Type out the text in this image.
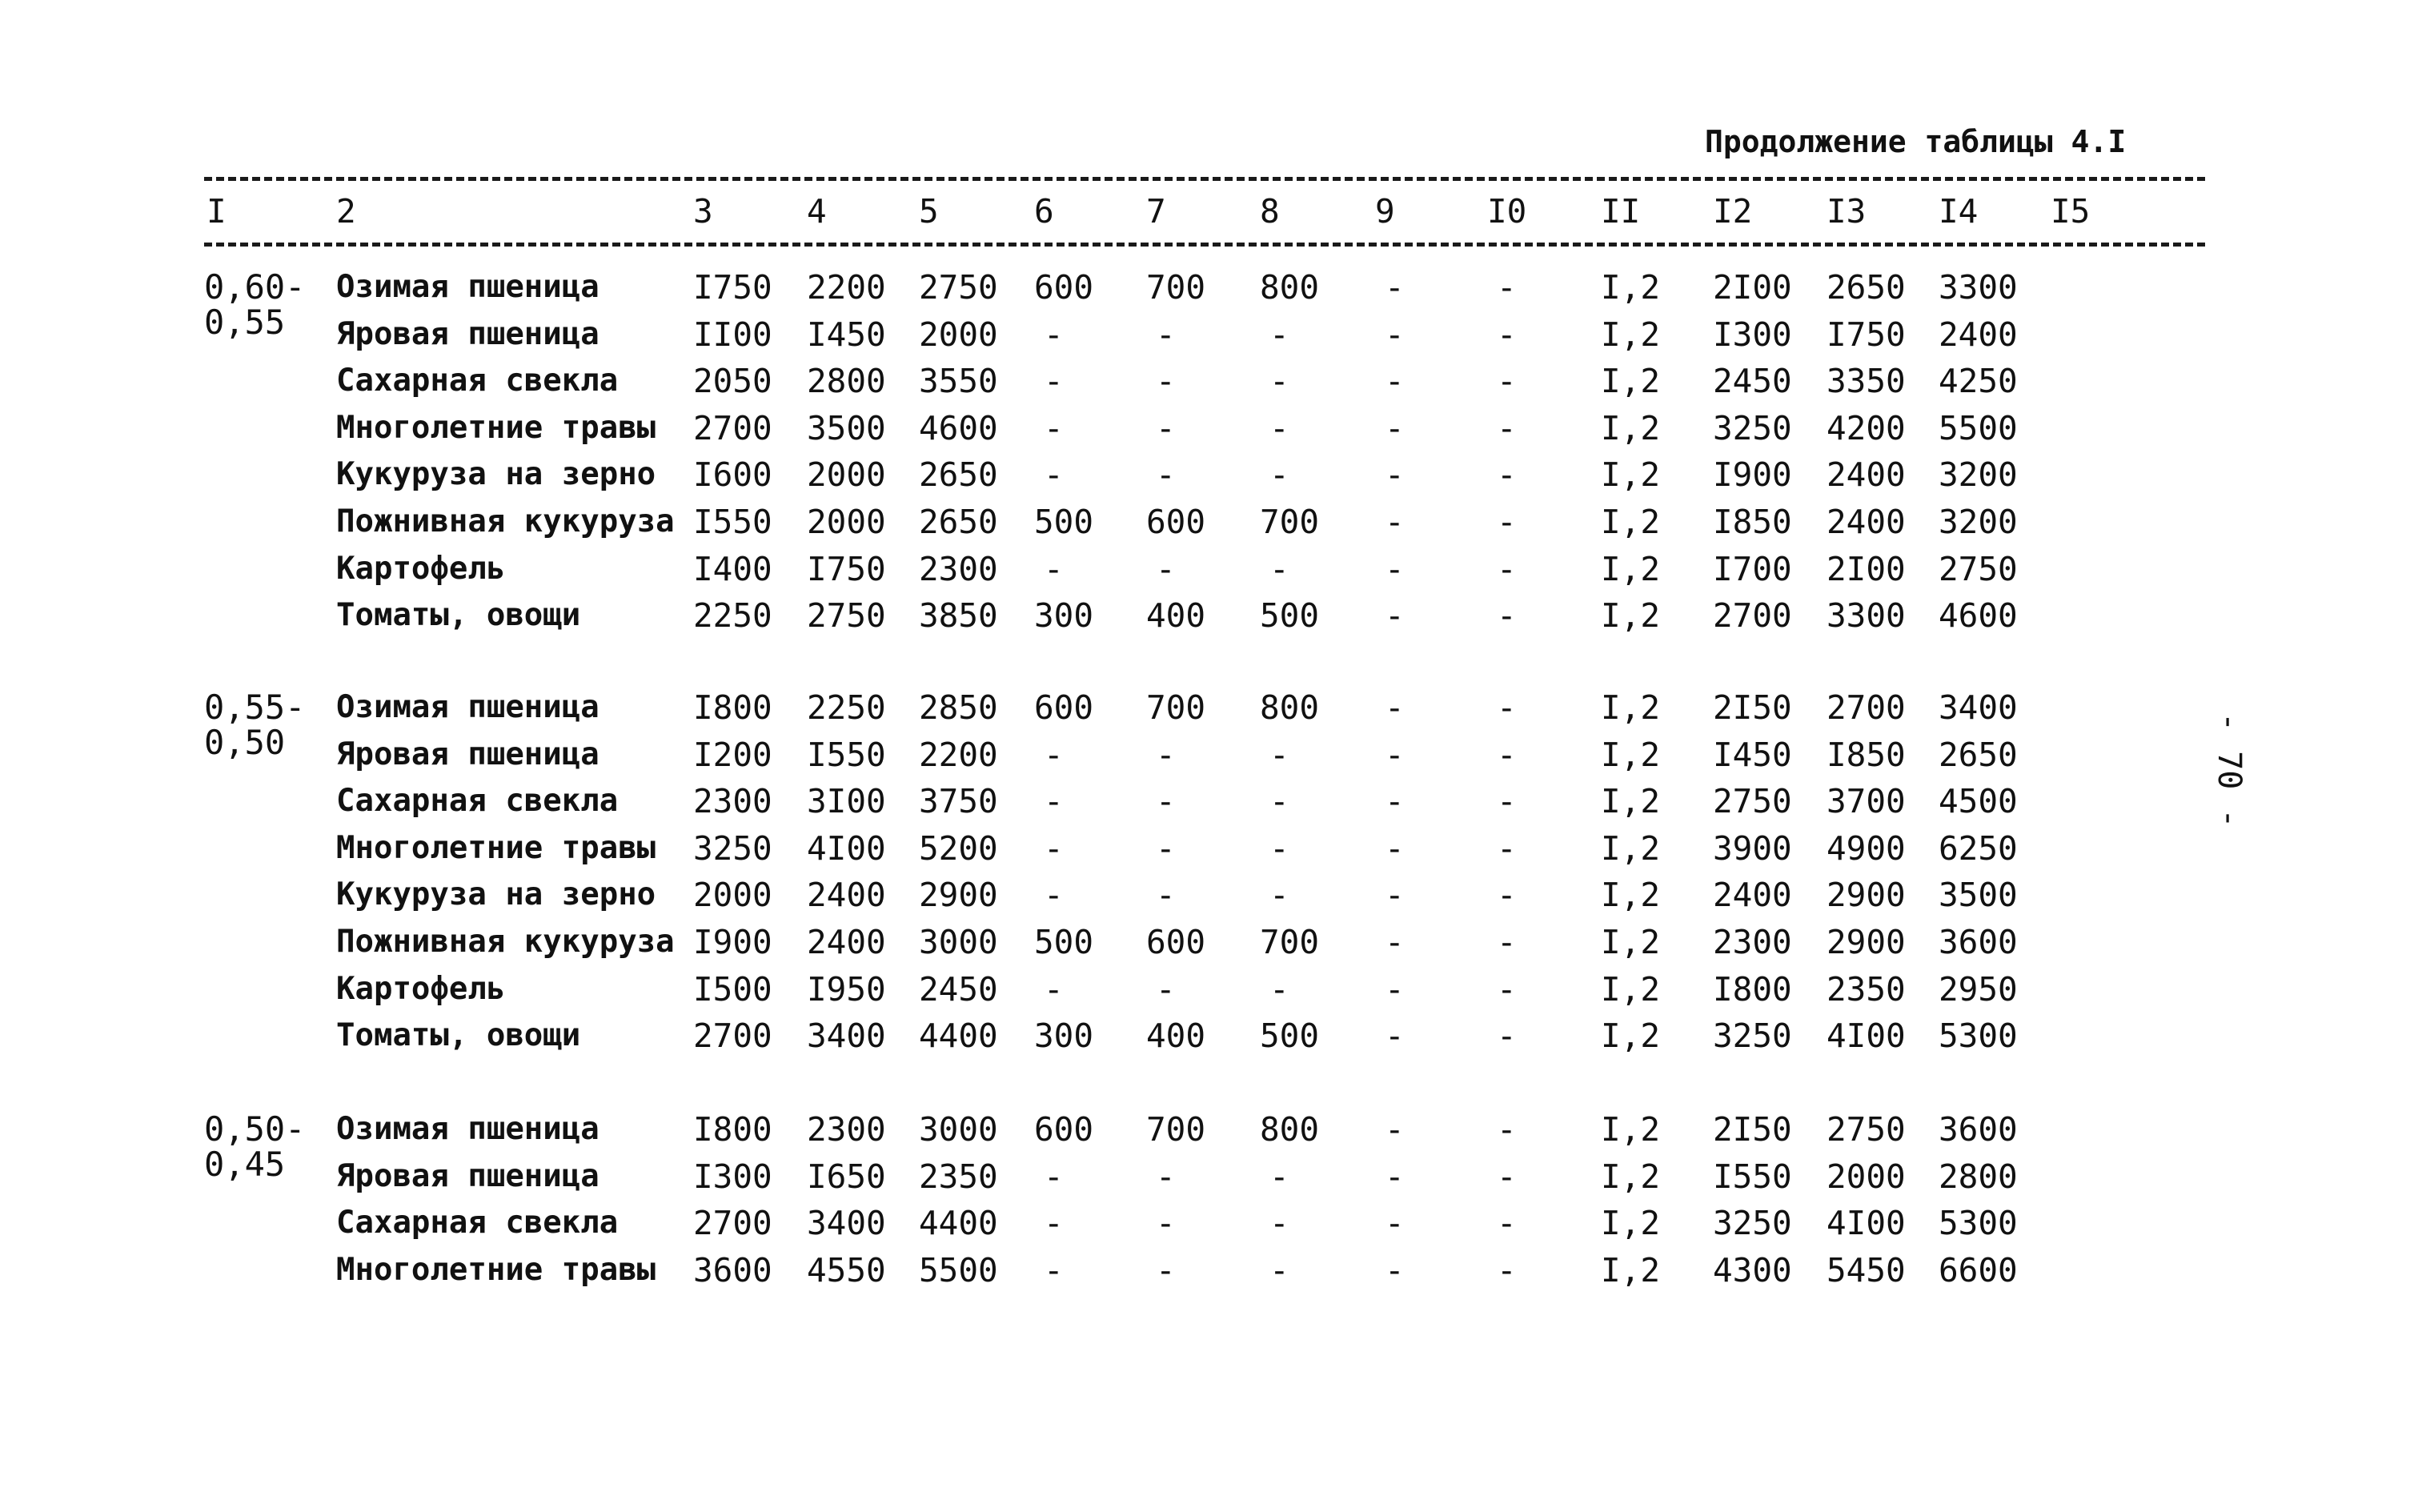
Продолжение таблицы 4.I
I	2	3	4	5	6	7	8	9	I0 II I2 I3 I4 I5
0,60-
0,55
Озимая пшеница	I750 2200 2750 600 700 800 -	-	I,2 2I00 2650 3300
Яровая пшеница	II00 I450 2000 -	-	-	-	-	I,2 I300 I750 2400
Сахарная свекла 2050 2800 3550 -	-	-	-	-	I,2 2450 3350 4250
Многолетние травы 2700 3500 4600 -	-	-	-	-	I,2 3250 4200 5500
Кукуруза на зерно I600 2000 2650 -	-	-	-	-	I,2 I900 2400 3200
Пожнивная кукуруза I550 2000 2650 500 600 700 -	-	I,2 I850 2400 3200
Картофель	I400 I750 2300 -	-	-	-	-	I,2 I700 2I00 2750
Томаты, овощи	2250 2750 3850 300 400 500 -	-	I,2 2700 3300 4600
0,55-
0,50
Озимая пшеница	I800 2250 2850 600 700 800 -	-	I,2 2I50 2700 3400
Яровая пшеница	I200 I550 2200 -	-	-	-	-	I,2 I450 I850 2650
Сахарная свекла 2300 3I00 3750 -	-	-	-	-	I,2 2750 3700 4500
Многолетние травы 3250 4I00 5200 -	-	-	-	-	I,2 3900 4900 6250
Кукуруза на зерно 2000 2400 2900 -	-	-	-	-	I,2 2400 2900 3500
Пожнивная кукуруза I900 2400 3000 500 600 700 -	-	I,2 2300 2900 3600
Картофель	I500 I950 2450 -	-	-	-	-	I,2 I800 2350 2950
Томаты, овощи	2700 3400 4400 300 400 500 -	-	I,2 3250 4I00 5300
0,50-
0,45
Озимая пшеница	I800 2300 3000 600 700 800 -	-	I,2 2I50 2750 3600
Яровая пшеница	I300 I650 2350 -	-	-	-	-	I,2 I550 2000 2800
Сахарная свекла 2700 3400 4400 -	-	-	-	-	I,2 3250 4I00 5300
Многолетние травы 3600 4550 5500 -	-	-	-	-	I,2 4300 5450 6600
- 70 -
